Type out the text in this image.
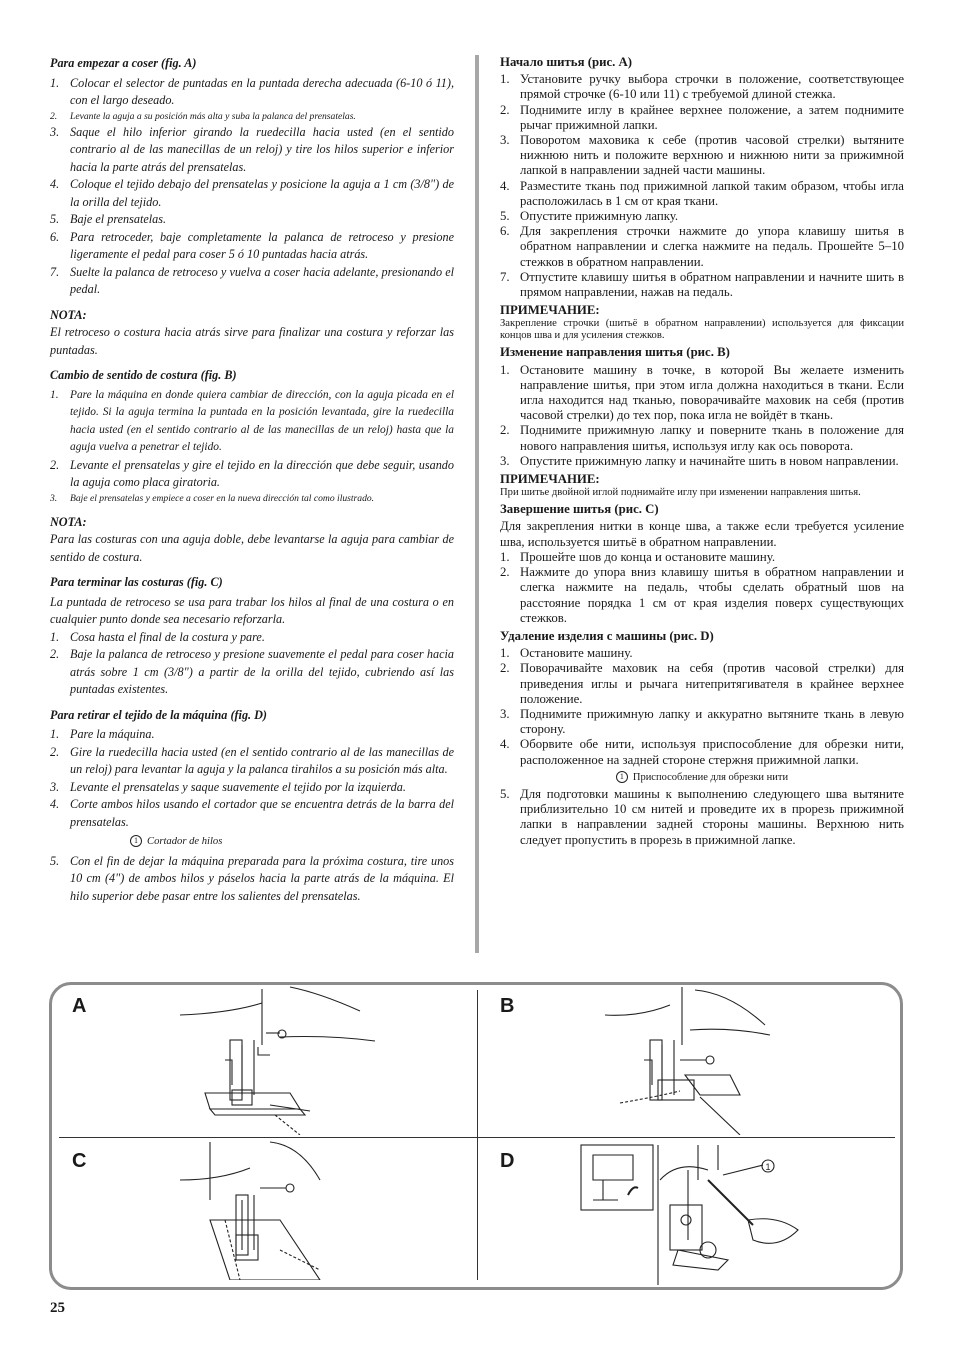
Para empezar a coser (fig. A)
1. Colocar el selector de puntadas en la puntada derecha adecuada (6-10 ó 11), con el largo deseado.
2. Levante la aguja a su posición más alta y suba la palanca del prensatelas.
3. Saque el hilo inferior girando la ruedecilla hacia usted (en el sentido contrario al de las manecillas de un reloj) y tire los hilos superior e inferior hacia la parte atrás del prensatelas.
4. Coloque el tejido debajo del prensatelas y posicione la aguja a 1 cm (3/8") de la orilla del tejido.
5. Baje el prensatelas.
6. Para retroceder, baje completamente la palanca de retroceso y presione ligeramente el pedal para coser 5 ó 10 puntadas hacia atrás.
7. Suelte la palanca de retroceso y vuelva a coser hacia adelante, presionando el pedal.
NOTA:

El retroceso o costura hacia atrás sirve para finalizar una costura y reforzar las puntadas.

Cambio de sentido de costura (fig. B)
1. Pare la máquina en donde quiera cambiar de dirección, con la aguja picada en el tejido. Si la aguja termina la puntada en la posición levantada, gire la ruedecilla hacia usted (en el sentido contrario al de las manecillas de un reloj) hasta que la aguja vuelva a penetrar el tejido.
2. Levante el prensatelas y gire el tejido en la dirección que debe seguir, usando la aguja como placa giratoria.
3. Baje el prensatelas y empiece a coser en la nueva dirección tal como ilustrado.
NOTA:

Para las costuras con una aguja doble, debe levantarse la aguja para cambiar de sentido de costura.

Para terminar las costuras (fig. C)

La puntada de retroceso se usa para trabar los hilos al final de una costura o en cualquier punto donde sea necesario reforzarla.

1. Cosa hasta el final de la costura y pare.
2. Baje la palanca de retroceso y presione suavemente el pedal para coser hacia atrás sobre 1 cm (3/8") a partir de la orilla del tejido, cubriendo así las puntadas existentes.
Para retirar el tejido de la máquina (fig. D)
1. Pare la máquina.
2. Gire la ruedecilla hacia usted (en el sentido contrario al de las manecillas de un reloj) para levantar la aguja y la palanca tirahilos a su posición más alta.
3. Levante el prensatelas y saque suavemente el tejido por la izquierda.
4. Corte ambos hilos usando el cortador que se encuentra detrás de la barra del prensatelas.
1 Cortador de hilos
5. Con el fin de dejar la máquina preparada para la próxima costura, tire unos 10 cm (4") de ambos hilos y páselos hacia la parte atrás de la máquina. El hilo superior debe pasar entre los salientes del prensatelas.
Начало шитья (рис. А)
1. Установите ручку выбора строчки в положение, соответствующее прямой строчке (6-10 или 11) с требуемой длиной стежка.
2. Поднимите иглу в крайнее верхнее положение, а затем поднимите рычаг прижимной лапки.
3. Поворотом маховика к себе (против часовой стрелки) вытяните нижнюю нить и положите верхнюю и нижнюю нити за прижимной лапкой в направлении задней части машины.
4. Разместите ткань под прижимной лапкой таким образом, чтобы игла расположилась в 1 см от края ткани.
5. Опустите прижимную лапку.
6. Для закрепления строчки нажмите до упора клавишу шитья в обратном направлении и слегка нажмите на педаль. Прошейте 5–10 стежков в обратном направлении.
7. Отпустите клавишу шитья в обратном направлении и начните шить в прямом направлении, нажав на педаль.
ПРИМЕЧАНИЕ:

Закрепление строчки (шитьё в обратном направлении) используется для фиксации концов шва и для усиления стежков.

Изменение направления шитья (рис. В)
1. Остановите машину в точке, в которой Вы желаете изменить направление шитья, при этом игла должна находиться в ткани. Если игла находится над тканью, поворачивайте маховик на себя (против часовой стрелки) до тех пор, пока игла не войдёт в ткань.
2. Поднимите прижимную лапку и поверните ткань в положение для нового направления шитья, используя иглу как ось поворота.
3. Опустите прижимную лапку и начинайте шить в новом направлении.
ПРИМЕЧАНИЕ:

При шитье двойной иглой поднимайте иглу при изменении направления шитья.

Завершение шитья (рис. С)

Для закрепления нитки в конце шва, а также если требуется усиление шва, используется шитьё в обратном направлении.

1. Прошейте шов до конца и остановите машину.
2. Нажмите до упора вниз клавишу шитья в обратном направлении и слегка нажмите на педаль, чтобы сделать обратный шов на расстояние порядка 1 см от края изделия поверх существующих стежков.
Удаление изделия с машины (рис. D)
1. Остановите машину.
2. Поворачивайте маховик на себя (против часовой стрелки) для приведения иглы и рычага нитепритягивателя в крайнее верхнее положение.
3. Поднимите прижимную лапку и аккуратно вытяните ткань в левую сторону.
4. Оборвите обе нити, используя приспособление для обрезки нити, расположенное на задней стороне стержня прижимной лапки.
1 Приспособление для обрезки нити
5. Для подготовки машины к выполнению следующего шва вытяните приблизительно 10 см нитей и проведите их в прорезь прижимной лапки в направлении задней стороны машины. Верхнюю нить следует пропустить в прорезь в прижимной лапке.
A	B
C	D	1
25
